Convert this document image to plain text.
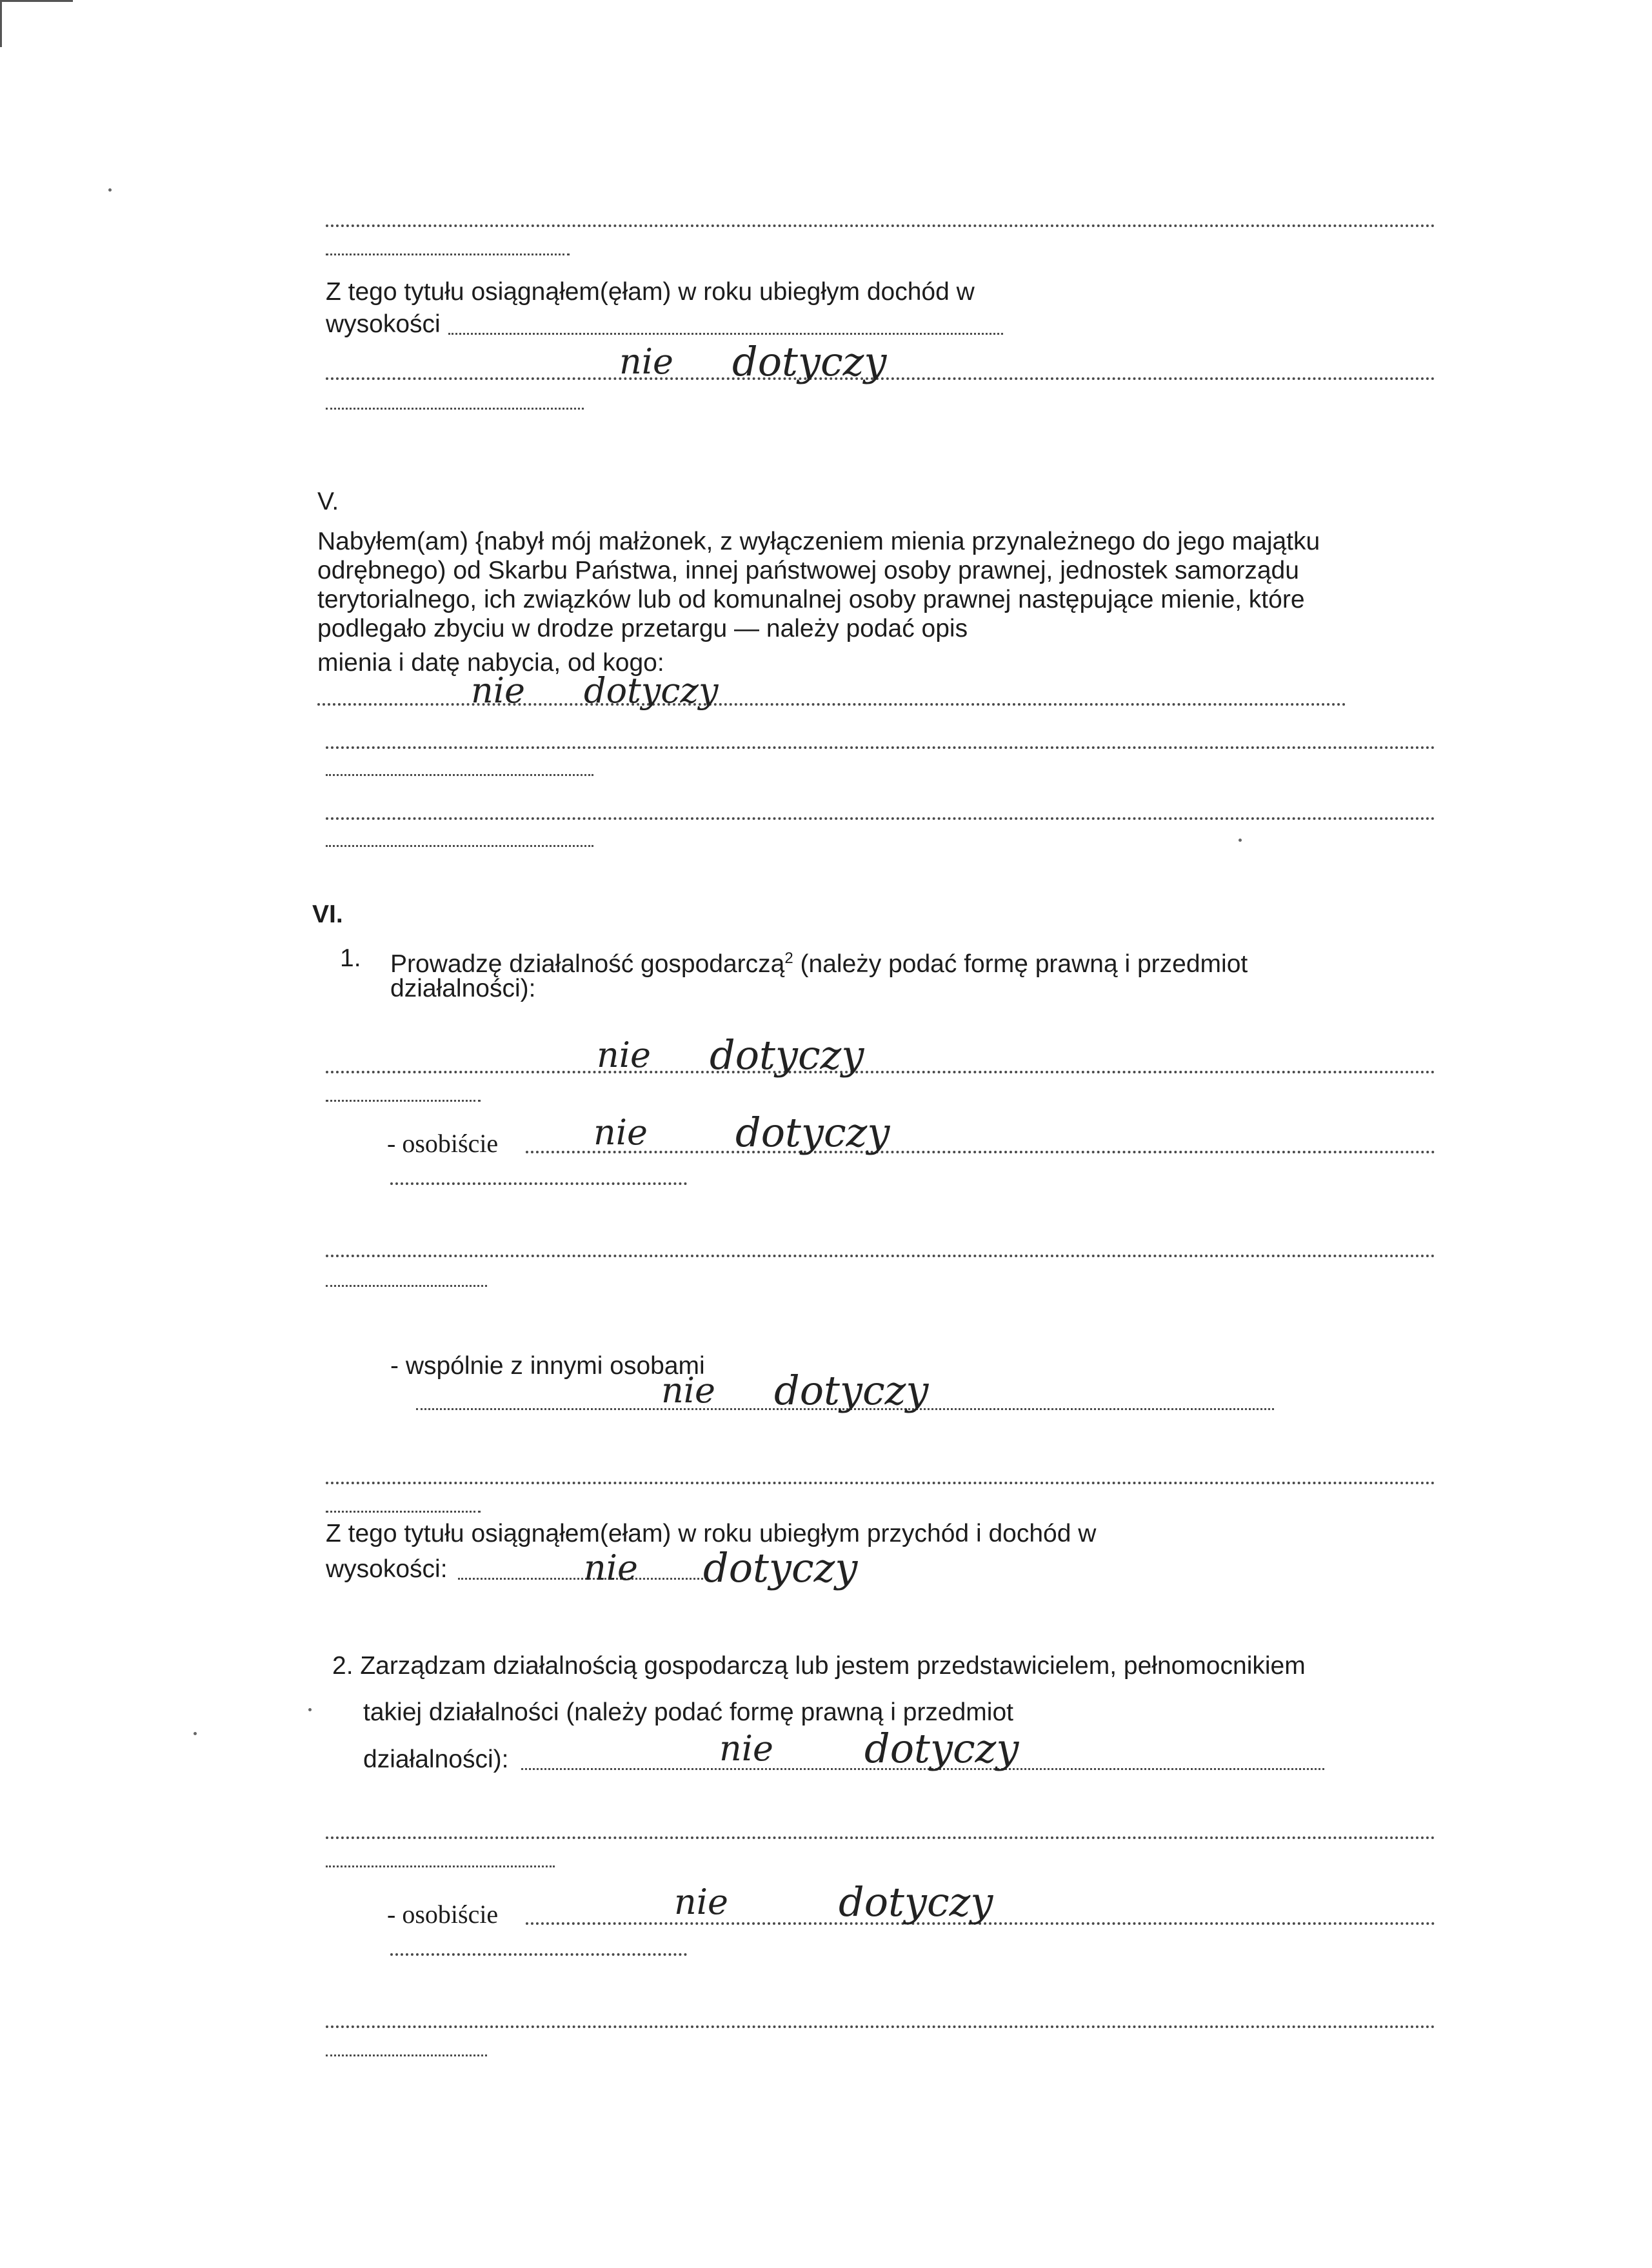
Z tego tytułu osiągnąłem(ęłam) w roku ubiegłym dochód w
wysokości
nie dotyczy
V.
Nabyłem(am) {nabył mój małżonek, z wyłączeniem mienia przynależnego do jego majątku
odrębnego) od Skarbu Państwa, innej państwowej osoby prawnej, jednostek samorządu
terytorialnego, ich związków lub od komunalnej osoby prawnej następujące mienie, które
podlegało zbyciu w drodze przetargu — należy podać opis
mienia i datę nabycia, od kogo:
nie dotyczy
VI.
1. Prowadzę działalność gospodarczą$^2$ (należy podać formę prawną i przedmiot
działalności):
nie dotyczy
- osobiście	nie dotyczy
- wspólnie z innymi osobami
nie dotyczy
Z tego tytułu osiągnąłem(ełam) w roku ubiegłym przychód i dochód w
wysokości:	nie dotyczy
2. Zarządzam działalnością gospodarczą lub jestem przedstawicielem, pełnomocnikiem
takiej działalności (należy podać formę prawną i przedmiot
działalności):	nie dotyczy
- osobiście	nie	dotyczy
